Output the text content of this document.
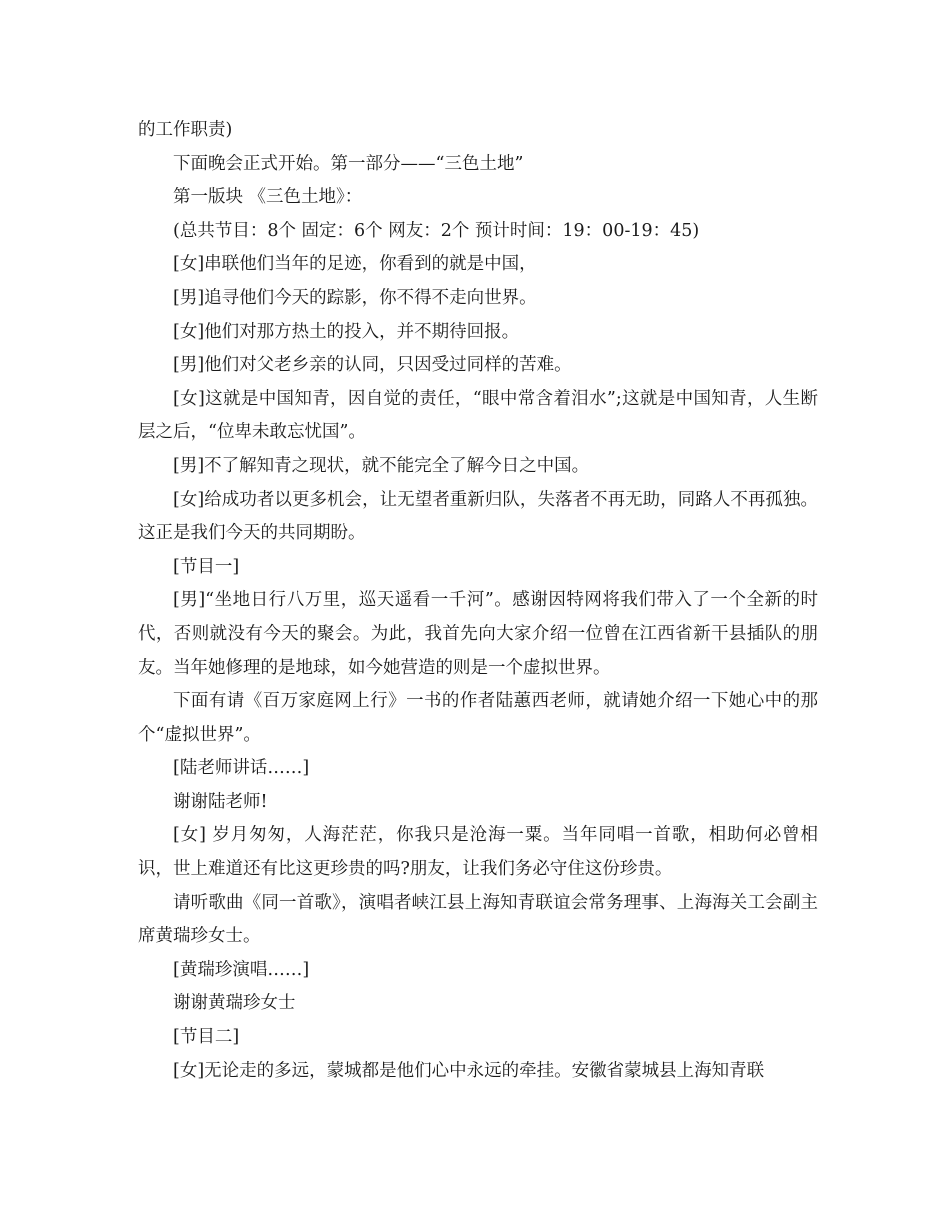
的工作职责)

下面晚会正式开始。第一部分——“三色土地”

第一版块 《三色土地》：

(总共节目：8个 固定：6个 网友：2个 预计时间：19：00-19：45)

[女]串联他们当年的足迹，你看到的就是中国，

[男]追寻他们今天的踪影，你不得不走向世界。

[女]他们对那方热土的投入，并不期待回报。

[男]他们对父老乡亲的认同，只因受过同样的苦难。

[女]这就是中国知青，因自觉的责任，“眼中常含着泪水”;这就是中国知青，人生断层之后，“位卑未敢忘忧国”。

[男]不了解知青之现状，就不能完全了解今日之中国。

[女]给成功者以更多机会，让无望者重新归队，失落者不再无助，同路人不再孤独。这正是我们今天的共同期盼。

[节目一]

[男]“坐地日行八万里，巡天遥看一千河”。感谢因特网将我们带入了一个全新的时代，否则就没有今天的聚会。为此，我首先向大家介绍一位曾在江西省新干县插队的朋友。当年她修理的是地球，如今她营造的则是一个虚拟世界。

下面有请《百万家庭网上行》一书的作者陆蕙西老师，就请她介绍一下她心中的那个“虚拟世界”。

[陆老师讲话……]

谢谢陆老师!

[女] 岁月匆匆，人海茫茫，你我只是沧海一粟。当年同唱一首歌，相助何必曾相识，世上难道还有比这更珍贵的吗?朋友，让我们务必守住这份珍贵。

请听歌曲《同一首歌》，演唱者峡江县上海知青联谊会常务理事、上海海关工会副主席黄瑞珍女士。

[黄瑞珍演唱……]

谢谢黄瑞珍女士

[节目二]

[女]无论走的多远，蒙城都是他们心中永远的牵挂。安徽省蒙城县上海知青联
